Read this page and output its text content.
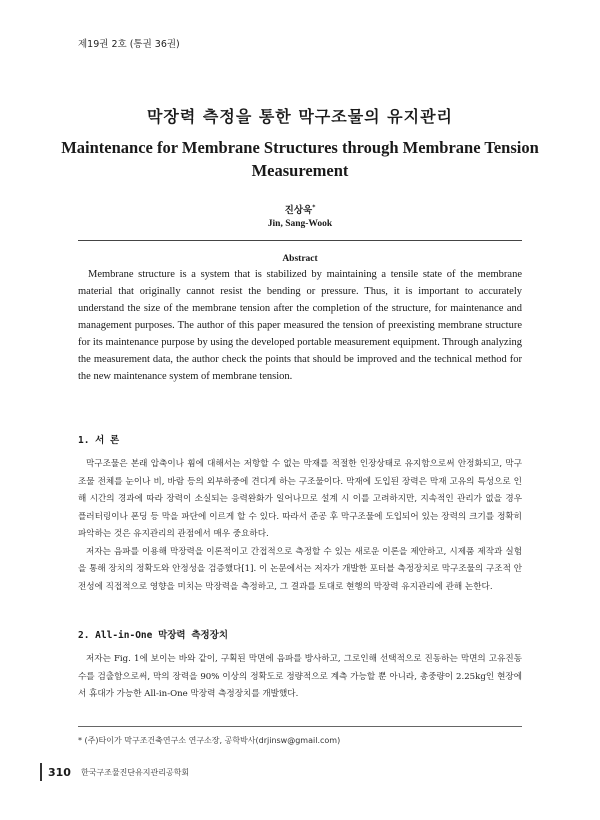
제19권 2호 (통권 36권)
막장력 측정을 통한 막구조물의 유지관리
Maintenance for Membrane Structures through Membrane Tension Measurement
진상욱*
Jin, Sang-Wook
Abstract

Membrane structure is a system that is stabilized by maintaining a tensile state of the membrane material that originally cannot resist the bending or pressure. Thus, it is important to accurately understand the size of the membrane tension after the completion of the structure, for maintenance and management purposes. The author of this paper measured the tension of preexisting membrane structure for its maintenance purpose by using the developed portable measurement equipment. Through analyzing the measurement data, the author check the points that should be improved and the technical method for the new maintenance system of membrane tension.

1. 서 론

막구조물은 본래 압축이나 휨에 대해서는 저항할 수 없는 막재를 적절한 인장상태로 유지함으로써 안정화되고, 막구조물 전체를 눈이나 비, 바람 등의 외부하중에 견디게 하는 구조물이다. 막재에 도입된 장력은 막재 고유의 특성으로 인해 시간의 경과에 따라 장력이 소실되는 응력완화가 일어나므로 설계 시 이를 고려하지만, 지속적인 관리가 없을 경우 플러터링이나 폰딩 등 막을 파단에 이르게 할 수 있다. 따라서 준공 후 막구조물에 도입되어 있는 장력의 크기를 정확히 파악하는 것은 유지관리의 관점에서 매우 중요하다.

저자는 음파를 이용해 막장력을 이론적이고 간접적으로 측정할 수 있는 새로운 이론을 제안하고, 시제품 제작과 실험을 통해 장치의 정확도와 안정성을 검증했다[1]. 이 논문에서는 저자가 개발한 포터블 측정장치로 막구조물의 구조적 안전성에 직접적으로 영향을 미치는 막장력을 측정하고, 그 결과를 토대로 현행의 막장력 유지관리에 관해 논한다.

2. All-in-One 막장력 측정장치

저자는 Fig. 1에 보이는 바와 같이, 구획된 막면에 음파를 방사하고, 그로인해 선택적으로 진동하는 막면의 고유진동수를 검출함으로써, 막의 장력을 90% 이상의 정확도로 정량적으로 계측 가능할 뿐 아니라, 총중량이 2.25kg인 현장에서 휴대가 가능한 All-in-One 막장력 측정장치를 개발했다.

* (주)타이가 막구조건축연구소 연구소장, 공학박사(drjinsw@gmail.com)
310 한국구조물진단유지관리공학회
